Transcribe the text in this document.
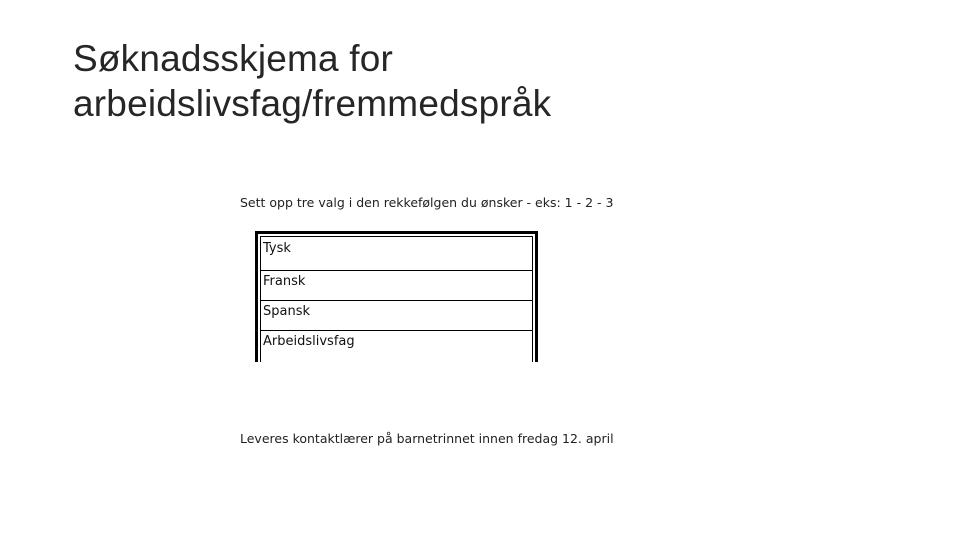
Søknadsskjema for
arbeidslivsfag/fremmedspråk
Sett opp tre valg i den rekkefølgen du ønsker - eks: 1 - 2 - 3
Tysk
Fransk
Spansk
Arbeidslivsfag
Leveres kontaktlærer på barnetrinnet innen fredag 12. april
